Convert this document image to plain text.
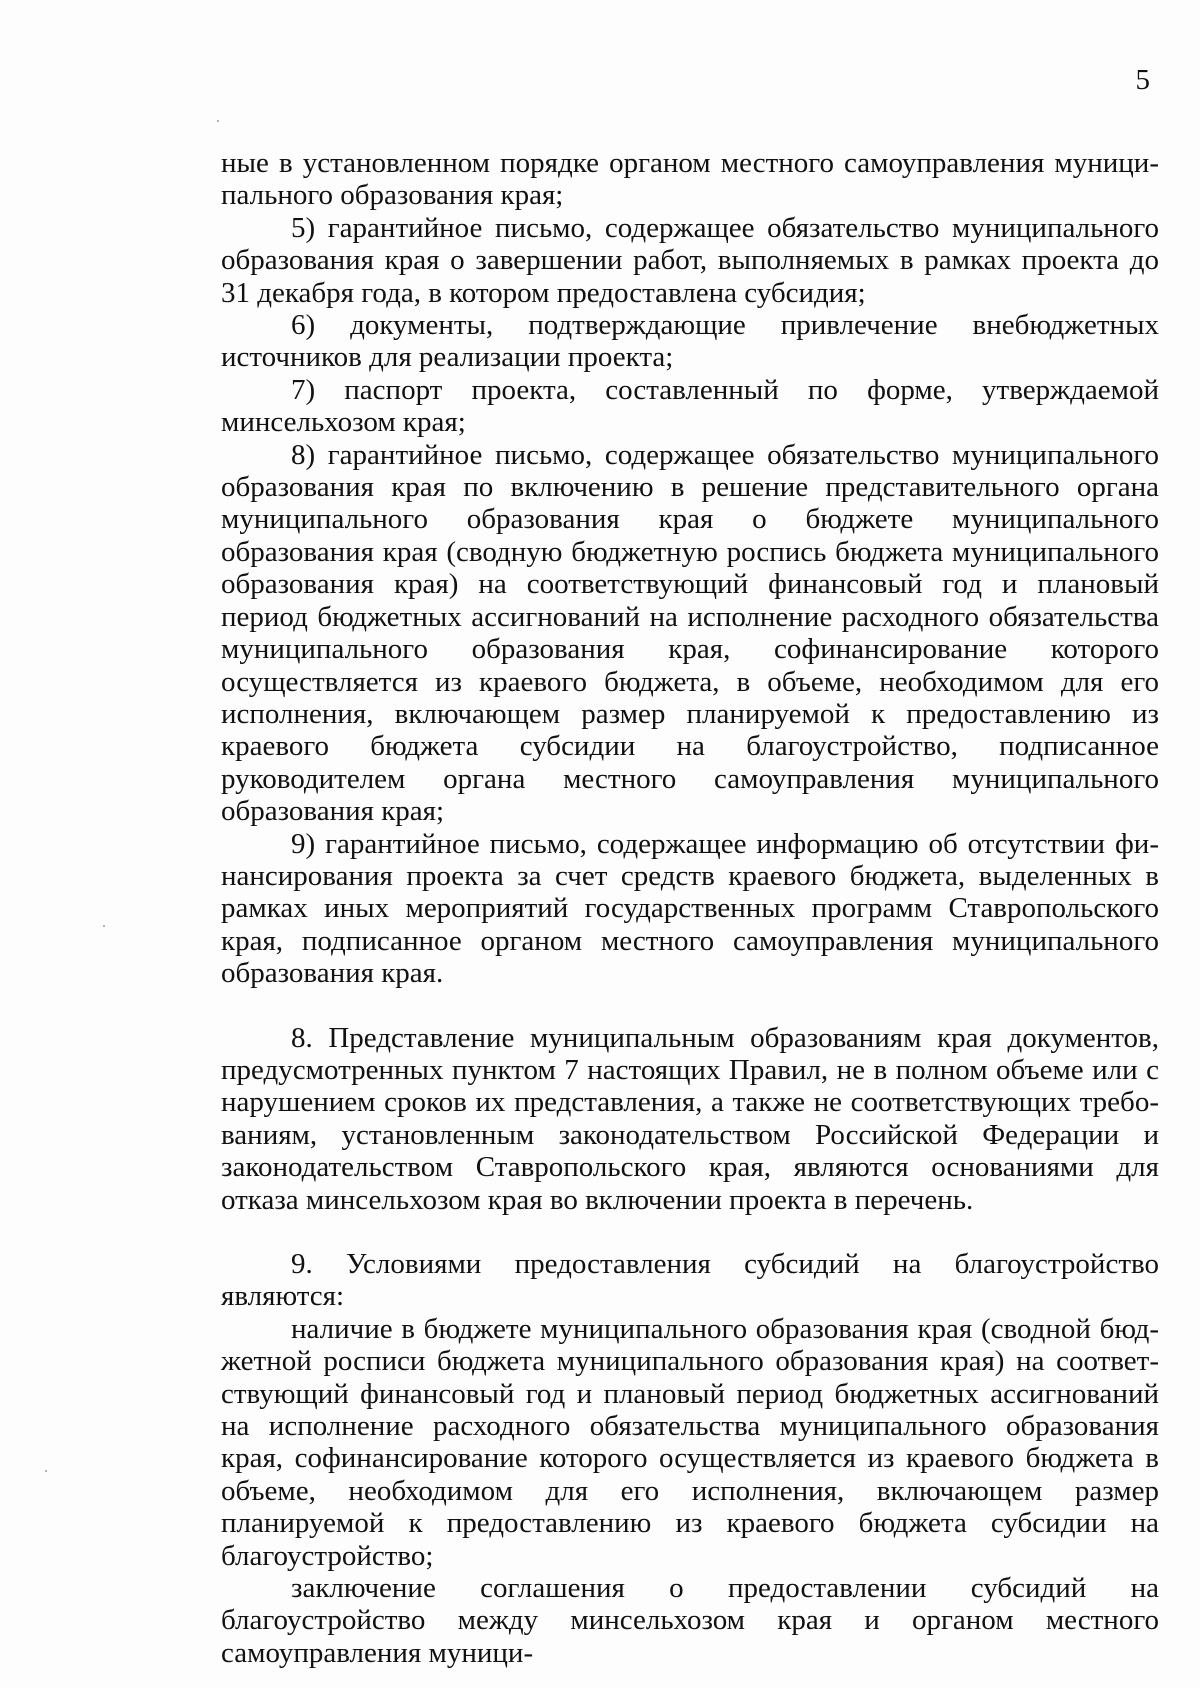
5

ные в установленном порядке органом местного самоуправления муниципального образования края;

5) гарантийное письмо, содержащее обязательство муниципального образования края о завершении работ, выполняемых в рамках проекта до 31 декабря года, в котором предоставлена субсидия;

6) документы, подтверждающие привлечение внебюджетных источников для реализации проекта;

7) паспорт проекта, составленный по форме, утверждаемой минсельхозом края;

8) гарантийное письмо, содержащее обязательство муниципального образования края по включению в решение представительного органа муниципального образования края о бюджете муниципального образования края (сводную бюджетную роспись бюджета муниципального образования края) на соответствующий финансовый год и плановый период бюджетных ассигнований на исполнение расходного обязательства муниципального образования края, софинансирование которого осуществляется из краевого бюджета, в объеме, необходимом для его исполнения, включающем размер планируемой к предоставлению из краевого бюджета субсидии на благоустройство, подписанное руководителем органа местного самоуправления муниципального образования края;

9) гарантийное письмо, содержащее информацию об отсутствии финансирования проекта за счет средств краевого бюджета, выделенных в рамках иных мероприятий государственных программ Ставропольского края, подписанное органом местного самоуправления муниципального образования края.

8. Представление муниципальным образованиям края документов, предусмотренных пунктом 7 настоящих Правил, не в полном объеме или с нарушением сроков их представления, а также не соответствующих требованиям, установленным законодательством Российской Федерации и законодательством Ставропольского края, являются основаниями для отказа минсельхозом края во включении проекта в перечень.

9. Условиями предоставления субсидий на благоустройство являются:

наличие в бюджете муниципального образования края (сводной бюджетной росписи бюджета муниципального образования края) на соответствующий финансовый год и плановый период бюджетных ассигнований на исполнение расходного обязательства муниципального образования края, софинансирование которого осуществляется из краевого бюджета в объеме, необходимом для его исполнения, включающем размер планируемой к предоставлению из краевого бюджета субсидии на благоустройство;

заключение соглашения о предоставлении субсидий на благоустройство между минсельхозом края и органом местного самоуправления муници-
